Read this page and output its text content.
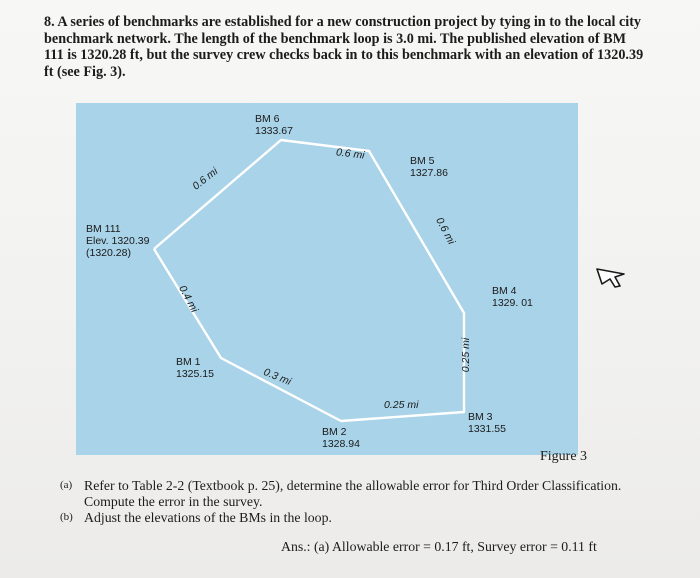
8. A series of benchmarks are established for a new construction project by tying in to the local city benchmark network. The length of the benchmark loop is 3.0 mi. The published elevation of BM 111 is 1320.28 ft, but the survey crew checks back in to this benchmark with an elevation of 1320.39 ft (see Fig. 3).
BM 111
Elev. 1320.39
(1320.28)
BM 6
1333.67
BM 5
1327.86
BM 4
1329. 01
BM 3
1331.55
BM 2
1328.94
BM 1
1325.15
0.6 mi
0.6 mi
0.6 mi
0.25 mi
0.25 mi
0.3 mi
0.4 mi
Figure 3
(a) Refer to Table 2-2 (Textbook p. 25), determine the allowable error for Third Order Classification. Compute the error in the survey.
(b) Adjust the elevations of the BMs in the loop.
Ans.: (a) Allowable error = 0.17 ft, Survey error = 0.11 ft
